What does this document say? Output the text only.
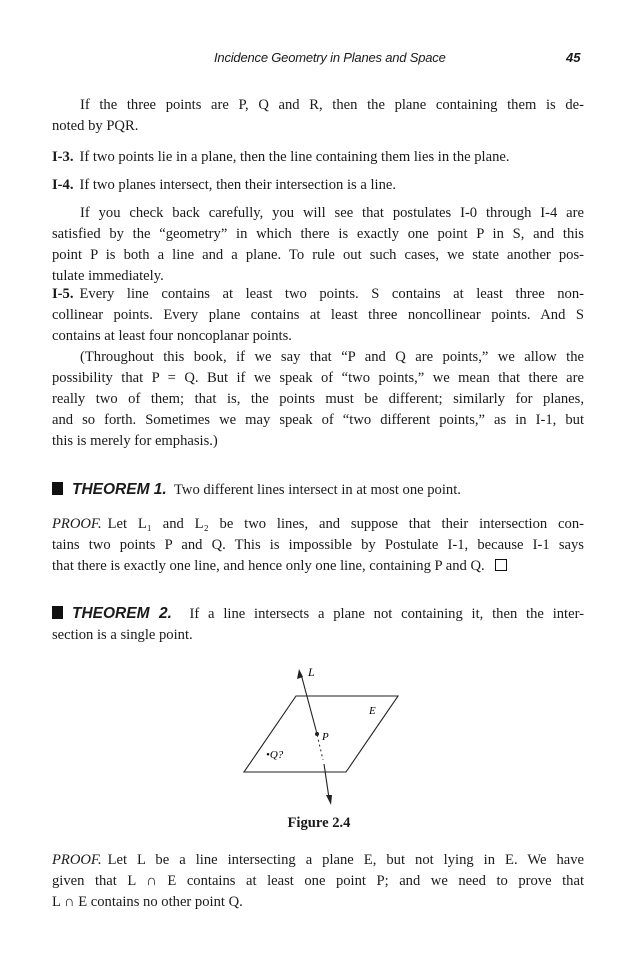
Incidence Geometry in Planes and Space	45

If the three points are P, Q and R, then the plane containing them is de-
noted by PQR.

I-3. If two points lie in a plane, then the line containing them lies in the plane.

I-4. If two planes intersect, then their intersection is a line.

If you check back carefully, you will see that postulates I-0 through I-4 are
satisfied by the “geometry” in which there is exactly one point P in S, and this
point P is both a line and a plane. To rule out such cases, we state another pos-
tulate immediately.

I-5. Every line contains at least two points. S contains at least three non-
collinear points. Every plane contains at least three noncollinear points. And S
contains at least four noncoplanar points.

(Throughout this book, if we say that “P and Q are points,” we allow the
possibility that P = Q. But if we speak of “two points,” we mean that there are
really two of them; that is, the points must be different; similarly for planes,
and so forth. Sometimes we may speak of “two different points,” as in I-1, but
this is merely for emphasis.)

THEOREM 1. Two different lines intersect in at most one point.

PROOF. Let L₁ and L₂ be two lines, and suppose that their intersection con-
tains two points P and Q. This is impossible by Postulate I-1, because I-1 says
that there is exactly one line, and hence only one line, containing P and Q.

THEOREM 2. If a line intersects a plane not containing it, then the inter-
section is a single point.

L
E
P
•Q?
Figure 2.4

PROOF. Let L be a line intersecting a plane E, but not lying in E. We have
given that L ∩ E contains at least one point P; and we need to prove that
L ∩ E contains no other point Q.
